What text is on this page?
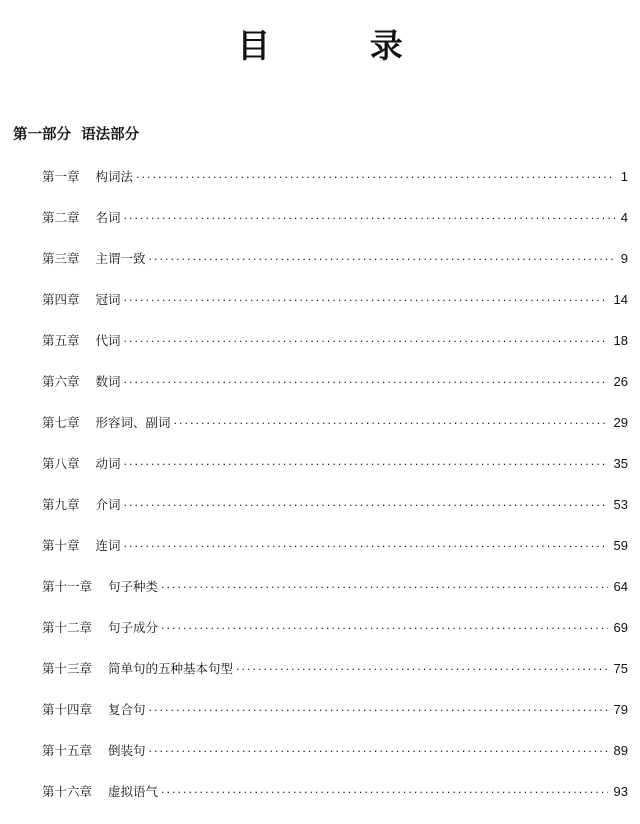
目 录
第一部分  语法部分
第一章 构词法 ·····	1
第二章 名词 ·····	4
第三章 主谓一致 ·····	9
第四章 冠词 ·····	14
第五章 代词 ·····	18
第六章 数词 ·····	26
第七章 形容词、副词 ·····	29
第八章 动词 ·····	35
第九章 介词 ·····	53
第十章 连词 ·····	59
第十一章 句子种类 ·····	64
第十二章 句子成分 ·····	69
第十三章 简单句的五种基本句型 ·····	75
第十四章 复合句 ·····	79
第十五章 倒装句 ·····	89
第十六章 虚拟语气 ·····	93
